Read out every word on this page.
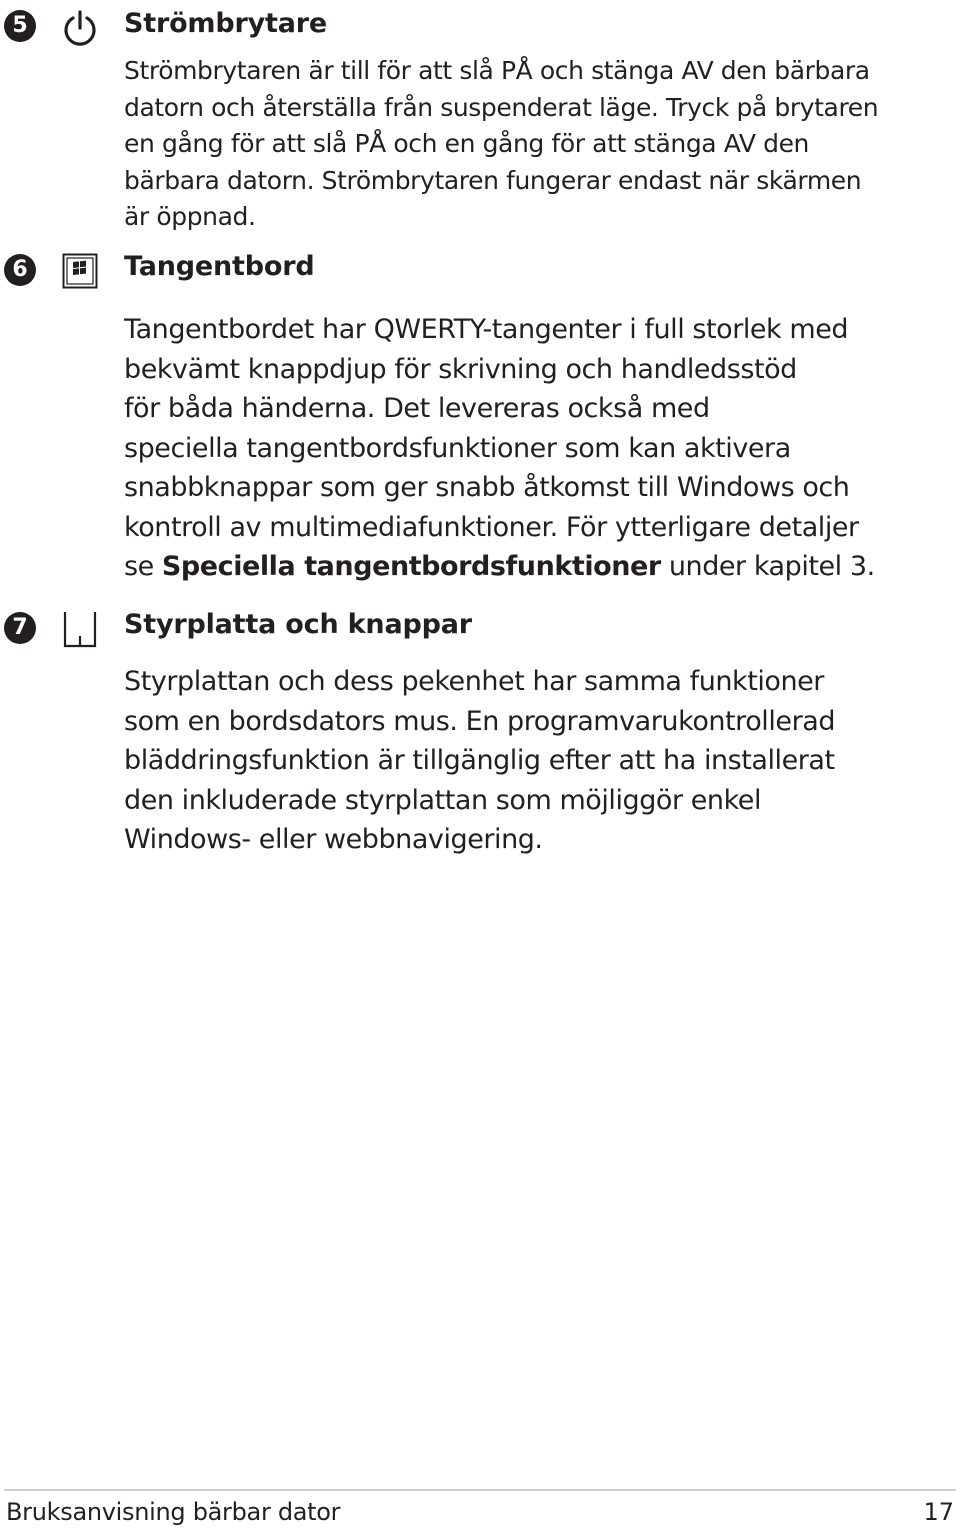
5	Strömbrytare
Strömbrytaren är till för att slå PÅ och stänga AV den bärbara
datorn och återställa från suspenderat läge. Tryck på brytaren
en gång för att slå PÅ och en gång för att stänga AV den
bärbara datorn. Strömbrytaren fungerar endast när skärmen
är öppnad.
6	Tangentbord
Tangentbordet har QWERTY-tangenter i full storlek med
bekvämt knappdjup för skrivning och handledsstöd
för båda händerna. Det levereras också med
speciella tangentbordsfunktioner som kan aktivera
snabbknappar som ger snabb åtkomst till Windows och
kontroll av multimediafunktioner. För ytterligare detaljer
se Speciella tangentbordsfunktioner under kapitel 3.
7	Styrplatta och knappar
Styrplattan och dess pekenhet har samma funktioner
som en bordsdators mus. En programvarukontrollerad
bläddringsfunktion är tillgänglig efter att ha installerat
den inkluderade styrplattan som möjliggör enkel
Windows- eller webbnavigering.
Bruksanvisning bärbar dator	17
